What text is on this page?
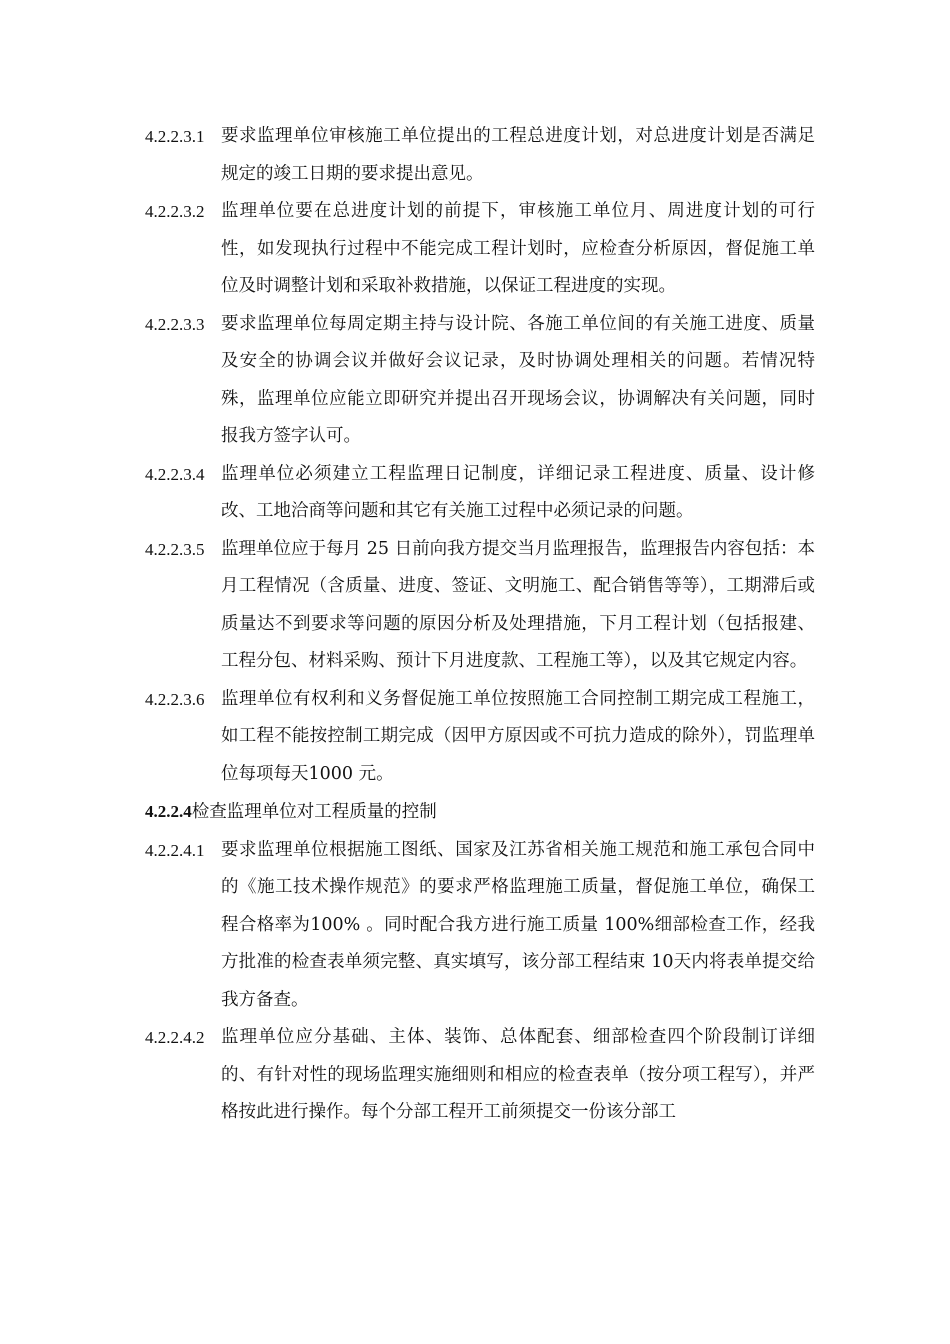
4.2.2.3.1 要求监理单位审核施工单位提出的工程总进度计划，对总进度计划是否满足规定的竣工日期的要求提出意见。
4.2.2.3.2 监理单位要在总进度计划的前提下，审核施工单位月、周进度计划的可行性，如发现执行过程中不能完成工程计划时，应检查分析原因，督促施工单位及时调整计划和采取补救措施，以保证工程进度的实现。
4.2.2.3.3 要求监理单位每周定期主持与设计院、各施工单位间的有关施工进度、质量及安全的协调会议并做好会议记录，及时协调处理相关的问题。若情况特殊，监理单位应能立即研究并提出召开现场会议，协调解决有关问题，同时报我方签字认可。
4.2.2.3.4 监理单位必须建立工程监理日记制度，详细记录工程进度、质量、设计修改、工地洽商等问题和其它有关施工过程中必须记录的问题。
4.2.2.3.5 监理单位应于每月 25 日前向我方提交当月监理报告，监理报告内容包括：本月工程情况（含质量、进度、签证、文明施工、配合销售等等），工期滞后或质量达不到要求等问题的原因分析及处理措施，下月工程计划（包括报建、工程分包、材料采购、预计下月进度款、工程施工等），以及其它规定内容。
4.2.2.3.6 监理单位有权利和义务督促施工单位按照施工合同控制工期完成工程施工，如工程不能按控制工期完成（因甲方原因或不可抗力造成的除外），罚监理单位每项每天1000 元。
4.2.2.4检查监理单位对工程质量的控制
4.2.2.4.1 要求监理单位根据施工图纸、国家及江苏省相关施工规范和施工承包合同中的《施工技术操作规范》的要求严格监理施工质量，督促施工单位，确保工程合格率为100% 。同时配合我方进行施工质量 100%细部检查工作，经我方批准的检查表单须完整、真实填写，该分部工程结束 10天内将表单提交给我方备查。
4.2.2.4.2 监理单位应分基础、主体、装饰、总体配套、细部检查四个阶段制订详细的、有针对性的现场监理实施细则和相应的检查表单（按分项工程写），并严格按此进行操作。每个分部工程开工前须提交一份该分部工
